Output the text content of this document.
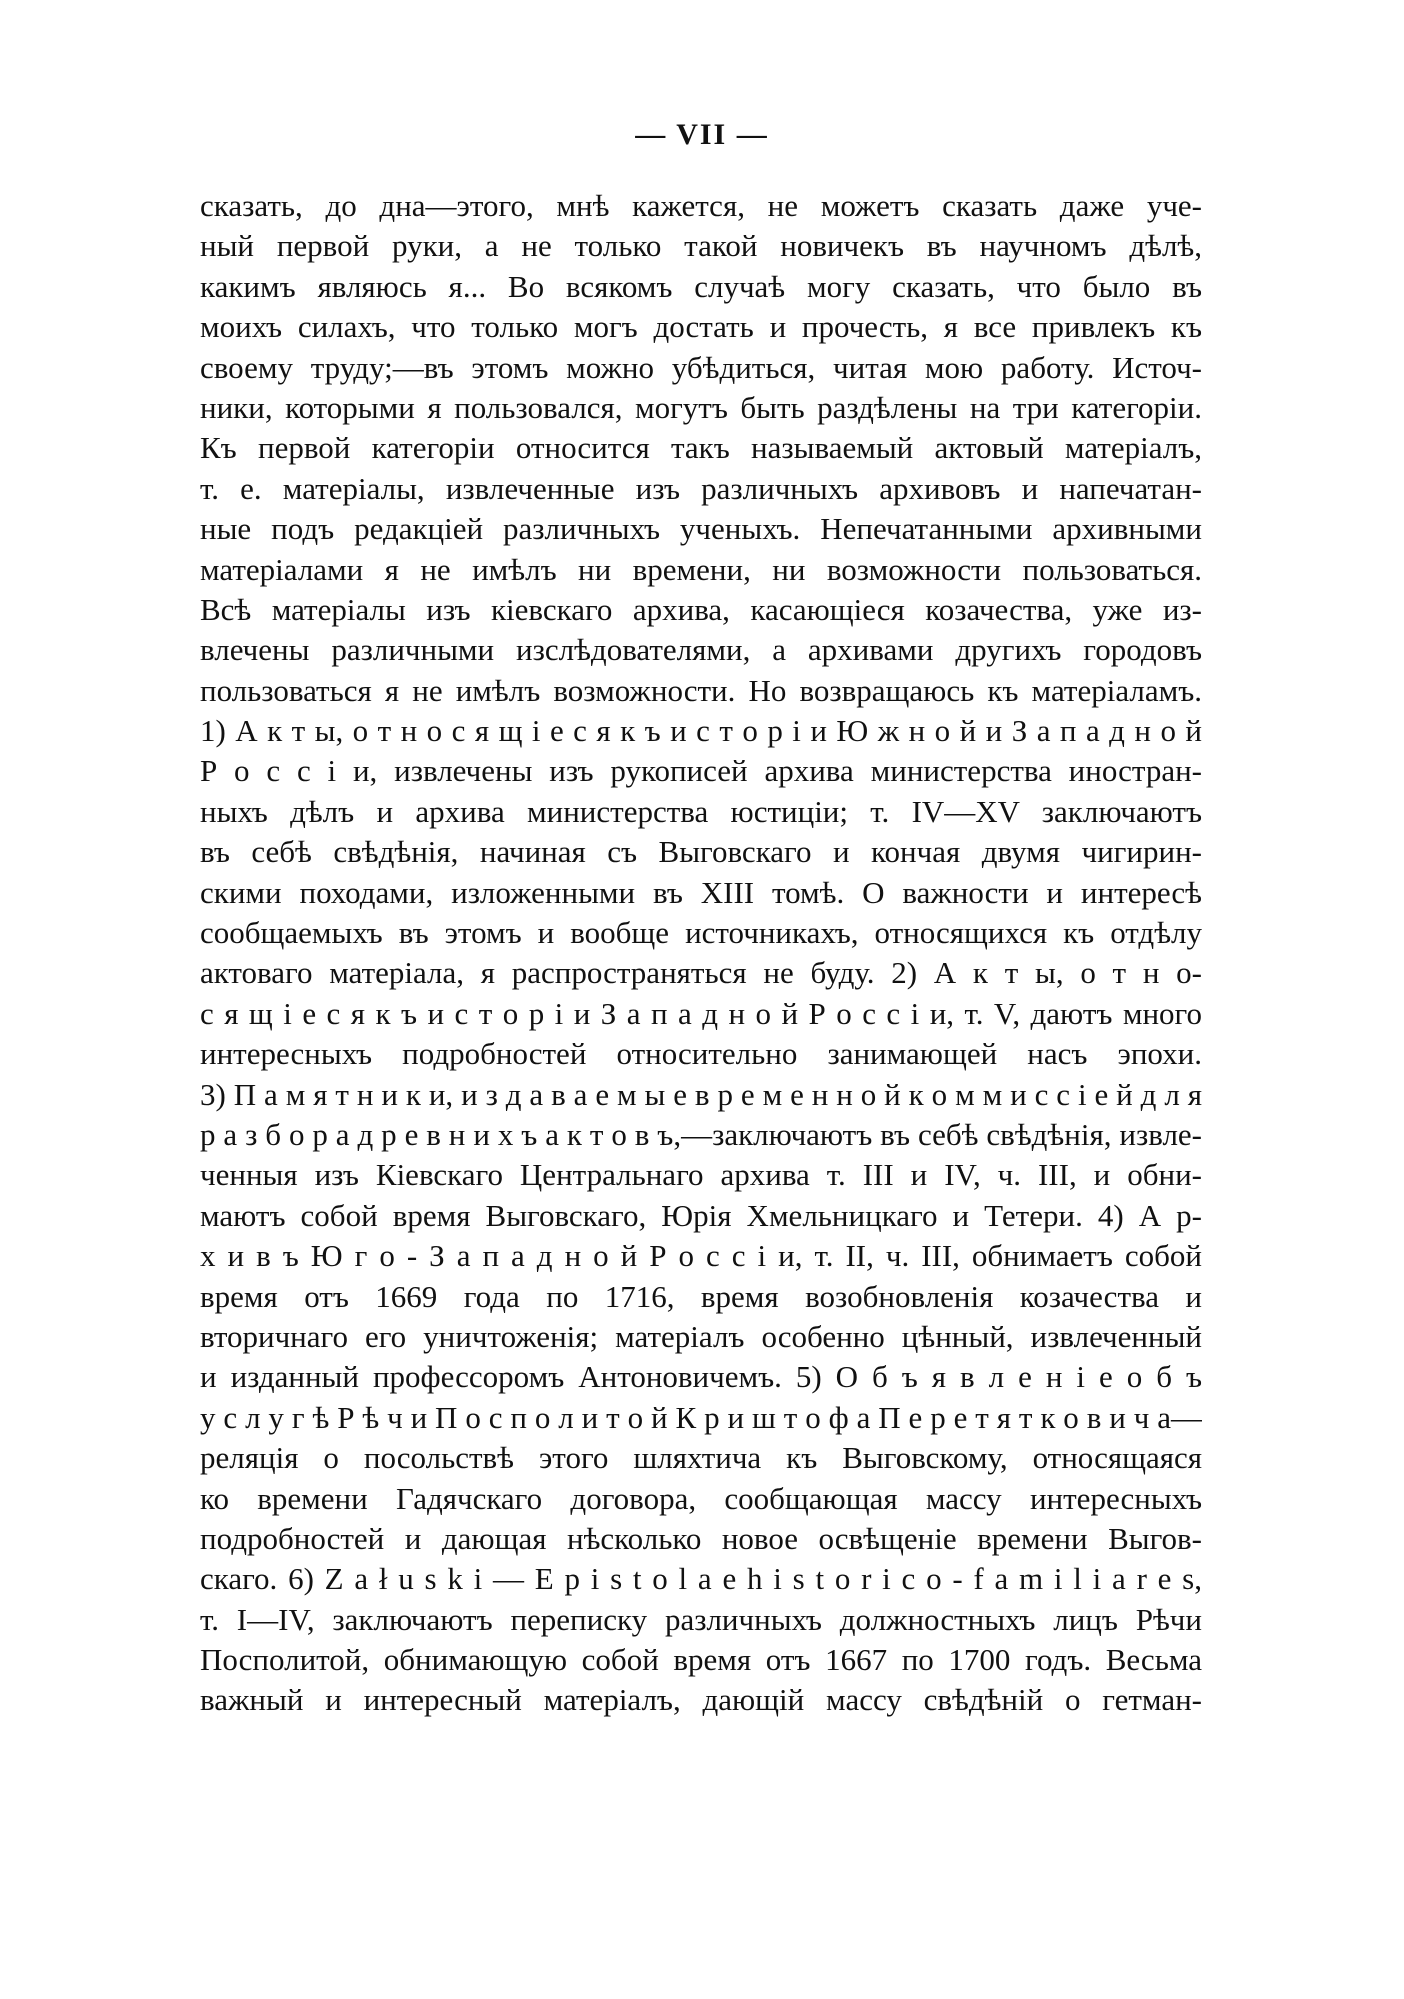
— VII —
сказать, до дна—этого, мнѣ кажется, не можетъ сказать даже уче-
ный первой руки, а не только такой новичекъ въ научномъ дѣлѣ,
какимъ являюсь я... Во всякомъ случаѣ могу сказать, что было въ
моихъ силахъ, что только могъ достать и прочесть, я все привлекъ къ
своему труду;—въ этомъ можно убѣдиться, читая мою работу. Источ-
ники, которыми я пользовался, могутъ быть раздѣлены на три категоріи.
Къ первой категоріи относится такъ называемый актовый матеріалъ,
т. е. матеріалы, извлеченные изъ различныхъ архивовъ и напечатан-
ные подъ редакціей различныхъ ученыхъ. Непечатанными архивными
матеріалами я не имѣлъ ни времени, ни возможности пользоваться.
Всѣ матеріалы изъ кіевскаго архива, касающіеся козачества, уже из-
влечены различными изслѣдователями, а архивами другихъ городовъ
пользоваться я не имѣлъ возможности. Но возвращаюсь къ матеріаламъ.
1) А к т ы, о т н о с я щ і е с я к ъ и с т о р і и Ю ж н о й и З а п а д н о й
Р о с с і и, извлечены изъ рукописей архива министерства иностран-
ныхъ дѣлъ и архива министерства юстиціи; т. IV—XV заключаютъ
въ себѣ свѣдѣнія, начиная съ Выговскаго и кончая двумя чигирин-
скими походами, изложенными въ XIII томѣ. О важности и интересѣ
сообщаемыхъ въ этомъ и вообще источникахъ, относящихся къ отдѣлу
актоваго матеріала, я распространяться не буду. 2) А к т ы, о т н о-
с я щ і е с я к ъ и с т о р і и З а п а д н о й Р о с с і и, т. V, даютъ много
интересныхъ подробностей относительно занимающей насъ эпохи.
3) П а м я т н и к и, и з д а в а е м ы е в р е м е н н о й к о м м и с с і е й д л я
р а з б о р а д р е в н и х ъ а к т о в ъ,—заключаютъ въ себѣ свѣдѣнія, извле-
ченныя изъ Кіевскаго Центральнаго архива т. III и IV, ч. III, и обни-
маютъ собой время Выговскаго, Юрія Хмельницкаго и Тетери. 4) А р-
х и в ъ Ю г о - З а п а д н о й Р о с с і и, т. II, ч. III, обнимаетъ собой
время отъ 1669 года по 1716, время возобновленія козачества и
вторичнаго его уничтоженія; матеріалъ особенно цѣнный, извлеченный
и изданный профессоромъ Антоновичемъ. 5) О б ъ я в л е н і е о б ъ
у с л у г ѣ Р ѣ ч и П о с п о л и т о й К р и ш т о ф а П е р е т я т к о в и ч а—
реляція о посольствѣ этого шляхтича къ Выговскому, относящаяся
ко времени Гадячскаго договора, сообщающая массу интересныхъ
подробностей и дающая нѣсколько новое освѣщеніе времени Выгов-
скаго. 6) Z a ł u s k i — E p i s t o l a e h i s t o r i c o - f a m i l i a r e s,
т. I—IV, заключаютъ переписку различныхъ должностныхъ лицъ Рѣчи
Посполитой, обнимающую собой время отъ 1667 по 1700 годъ. Весьма
важный и интересный матеріалъ, дающій массу свѣдѣній о гетман-
